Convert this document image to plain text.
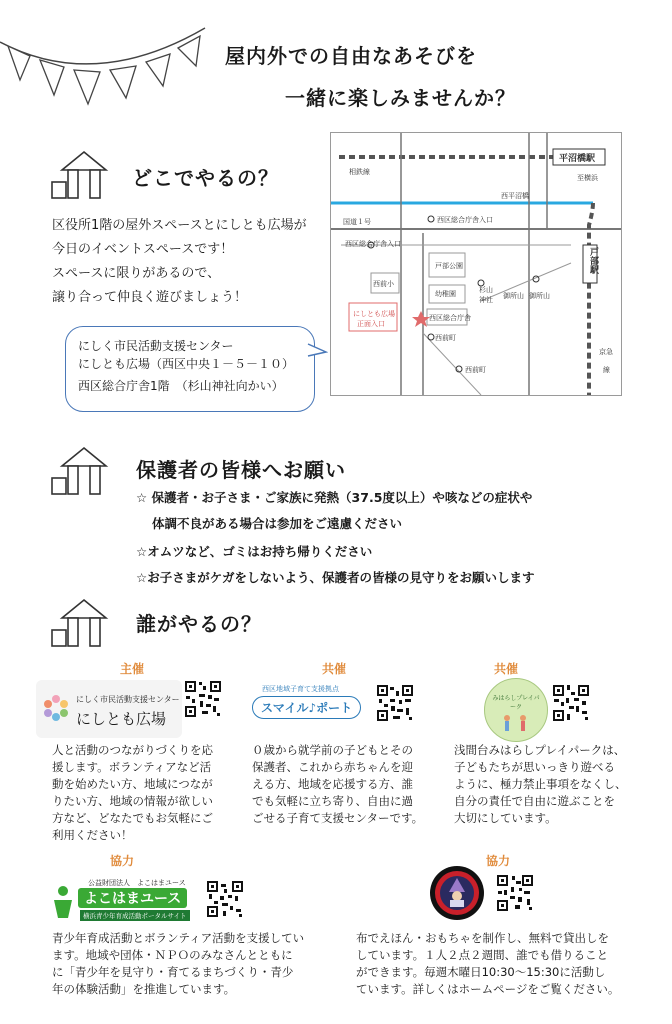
屋内外での自由なあそびを
一緒に楽しみませんか？
どこでやるの？
区役所1階の屋外スペースとにしとも広場が
今日のイベントスペースです！
スペースに限りがあるので、
譲り合って仲良く遊びましょう！
にしく市民活動支援センター
にしとも広場（西区中央１－５－１０）
西区総合庁舎1階　（杉山神社向かい）
平沼橋駅
相鉄線
至横浜
西平沼橋
国道１号	西区総合庁舎入口
西区総合庁舎入口
戸部公園
杉山
神社 御所山 御所山
西前小
幼稚園
戸部駅
にしとも広場
正面入口
西区総合庁舎
西前町
西前町
京急
線
保護者の皆様へお願い
☆ 保護者・お子さま・ご家族に発熱（37.5度以上）や咳などの症状や
体調不良がある場合は参加をご遠慮ください
☆オムツなど、ゴミはお持ち帰りください
☆お子さまがケガをしないよう、保護者の皆様の見守りをお願いします
誰がやるの？
主催
にしく市民活動支援センター
にしとも広場
人と活動のつながりづくりを応
援します。ボランティアなど活
動を始めたい方、地域につなが
りたい方、地域の情報が欲しい
方など、どなたでもお気軽にご
利用ください！
共催
西区地域子育て支援拠点
スマイル♪ポート
０歳から就学前の子どもとその
保護者、これから赤ちゃんを迎
える方、地域を応援する方、誰
でも気軽に立ち寄り、自由に過
ごせる子育て支援センターです。
共催
みはらしプレイパーク
浅間台みはらしプレイパークは、
子どもたちが思いっきり遊べる
ように、極力禁止事項をなくし、
自分の責任で自由に遊ぶことを
大切にしています。
協力
公益財団法人　よこはまユース
よこはまユース
横浜青少年育成活動ポータルサイト
青少年育成活動とボランティア活動を支援してい
ます。地域や団体・ＮＰＯのみなさんとともに
に「青少年を見守り・育てるまちづくり・青少
年の体験活動」を推進しています。
協力
布でえほん・おもちゃを制作し、無料で貸出しを
しています。１人２点２週間、誰でも借りること
ができます。毎週木曜日10:30～15:30に活動し
ています。詳しくはホームページをご覧ください。
